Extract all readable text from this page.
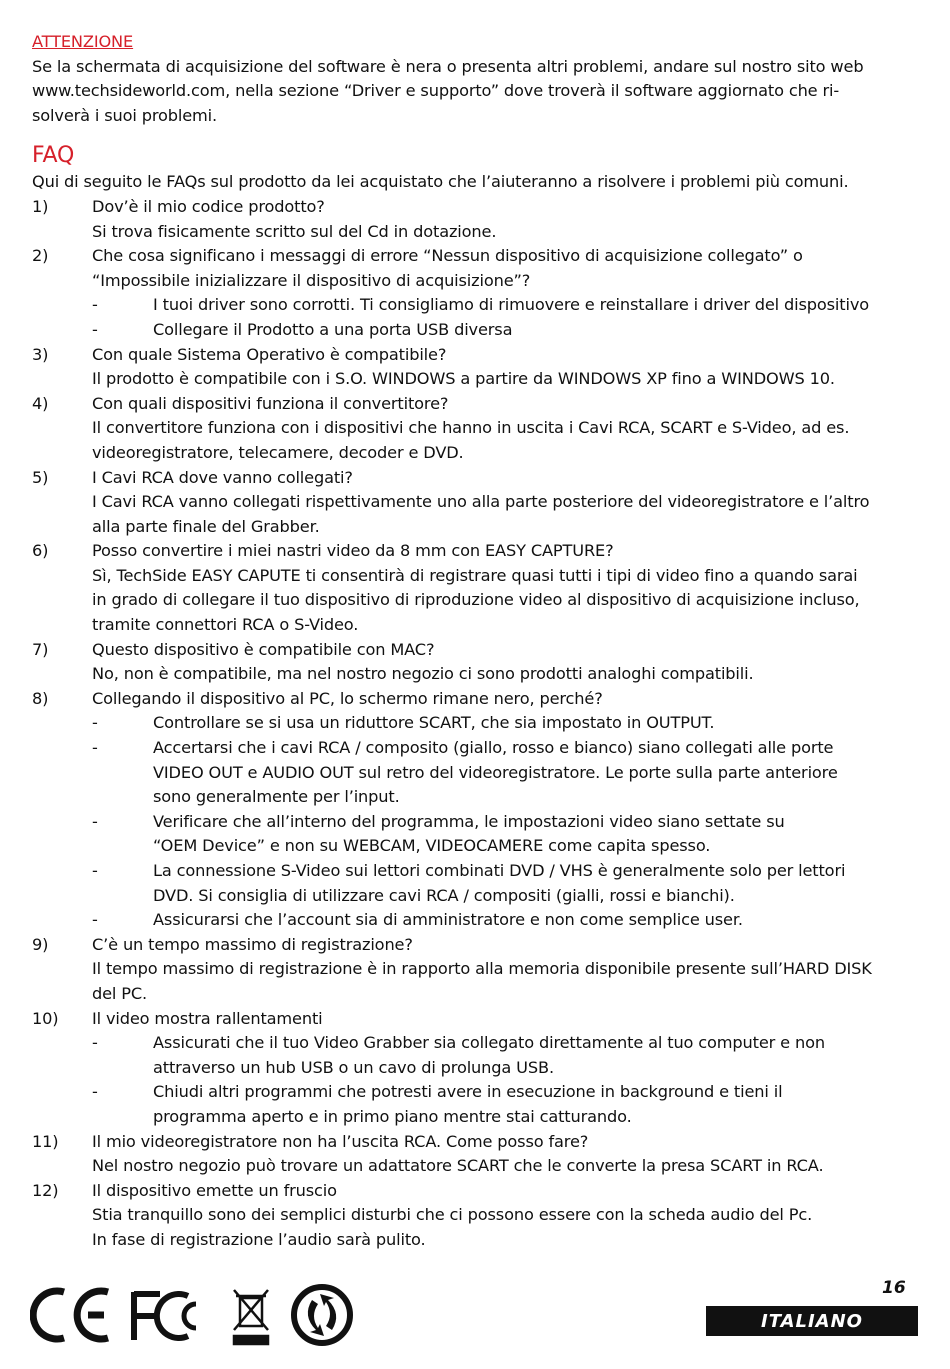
ATTENZIONE

Se la schermata di acquisizione del software è nera o presenta altri problemi, andare sul nostro sito web

www.techsideworld.com, nella sezione “Driver e supporto” dove troverà il software aggiornato che ri-

solverà i suoi problemi.

FAQ

Qui di seguito le FAQs sul prodotto da lei acquistato che l’aiuteranno a risolvere i problemi più comuni.

1)	Dov’è il mio codice prodotto?

Si trova fisicamente scritto sul del Cd in dotazione.

2)	Che cosa significano i messaggi di errore “Nessun dispositivo di acquisizione collegato” o

“Impossibile inizializzare il dispositivo di acquisizione”?

-	I tuoi driver sono corrotti. Ti consigliamo di rimuovere e reinstallare i driver del dispositivo

-	Collegare il Prodotto a una porta USB diversa

3)	Con quale Sistema Operativo è compatibile?

Il prodotto è compatibile con i S.O. WINDOWS a partire da WINDOWS XP fino a WINDOWS 10.

4)	Con quali dispositivi funziona il convertitore?

Il convertitore funziona con i dispositivi che hanno in uscita i Cavi RCA, SCART e S-Video, ad es.

videoregistratore, telecamere, decoder e DVD.

5)	I Cavi RCA dove vanno collegati?

I Cavi RCA vanno collegati rispettivamente uno alla parte posteriore del videoregistratore e l’altro

alla parte finale del Grabber.

6)	Posso convertire i miei nastri video da 8 mm con EASY CAPTURE?

Sì, TechSide EASY CAPUTE ti consentirà di registrare quasi tutti i tipi di video fino a quando sarai

in grado di collegare il tuo dispositivo di riproduzione video al dispositivo di acquisizione incluso,

tramite connettori RCA o S-Video.

7)	Questo dispositivo è compatibile con MAC?

No, non è compatibile, ma nel nostro negozio ci sono prodotti analoghi compatibili.

8)	Collegando il dispositivo al PC, lo schermo rimane nero, perché?

-	Controllare se si usa un riduttore SCART, che sia impostato in OUTPUT.

-	Accertarsi che i cavi RCA / composito (giallo, rosso e bianco) siano collegati alle porte

VIDEO OUT e AUDIO OUT sul retro del videoregistratore. Le porte sulla parte anteriore

sono generalmente per l’input.

-	Verificare che all’interno del programma, le impostazioni video siano settate su

“OEM Device” e non su WEBCAM, VIDEOCAMERE come capita spesso.

-	La connessione S-Video sui lettori combinati DVD / VHS è generalmente solo per lettori

DVD. Si consiglia di utilizzare cavi RCA / compositi (gialli, rossi e bianchi).

-	Assicurarsi che l’account sia di amministratore e non come semplice user.

9)	C’è un tempo massimo di registrazione?

Il tempo massimo di registrazione è in rapporto alla memoria disponibile presente sull’HARD DISK

del PC.

10)	Il video mostra rallentamenti

-	Assicurati che il tuo Video Grabber sia collegato direttamente al tuo computer e non

attraverso un hub USB o un cavo di prolunga USB.

-	Chiudi altri programmi che potresti avere in esecuzione in background e tieni il

programma aperto e in primo piano mentre stai catturando.

11)	Il mio videoregistratore non ha l’uscita RCA. Come posso fare?

Nel nostro negozio può trovare un adattatore SCART che le converte la presa SCART in RCA.

12)	Il dispositivo emette un fruscio

Stia tranquillo sono dei semplici disturbi che ci possono essere con la scheda audio del Pc.

In fase di registrazione l’audio sarà pulito.

16
ITALIANO
